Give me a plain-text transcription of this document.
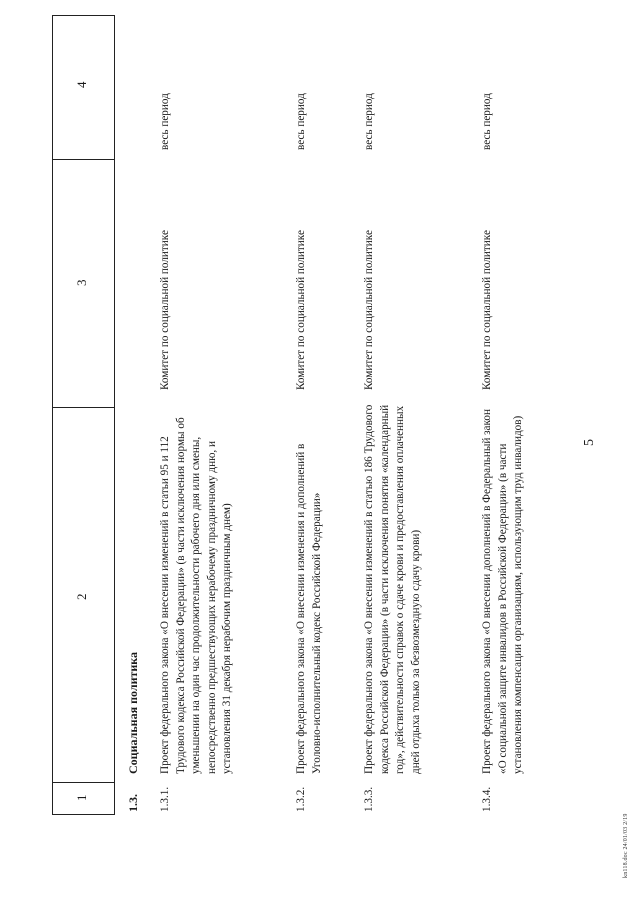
5
1
2
3
4
1.3.
Социальная политика
1.3.1.
Проект федерального закона «О внесении изменений в статьи 95 и 112 Трудового кодекса Российской Федерации» (в части исключения нормы об уменьшении на один час продолжительности рабочего дня или смены, непосредственно предшествующих нерабочему праздничному дню, и установления 31 декабря нерабочим праздничным днем)
Комитет по социальной политике
весь период
1.3.2.
Проект федерального закона «О внесении изменения и дополнений в Уголовно-исполнительный кодекс Российской Федерации»
Комитет по социальной политике
весь период
1.3.3.
Проект федерального закона «О внесении изменений в статью 186 Трудового кодекса Российской Федерации» (в части исключения понятия «календарный год», действительности справок о сдаче крови и предоставления оплаченных дней отдыха только за безвозмездную сдачу крови)
Комитет по социальной политике
весь период
1.3.4.
Проект федерального закона «О внесении дополнений в Федеральный закон «О социальной защите инвалидов в Российской Федерации» (в части установления компенсации организациям, использующим труд инвалидов)
Комитет по социальной политике
весь период
kn118.doc 24/01/03 2/19
